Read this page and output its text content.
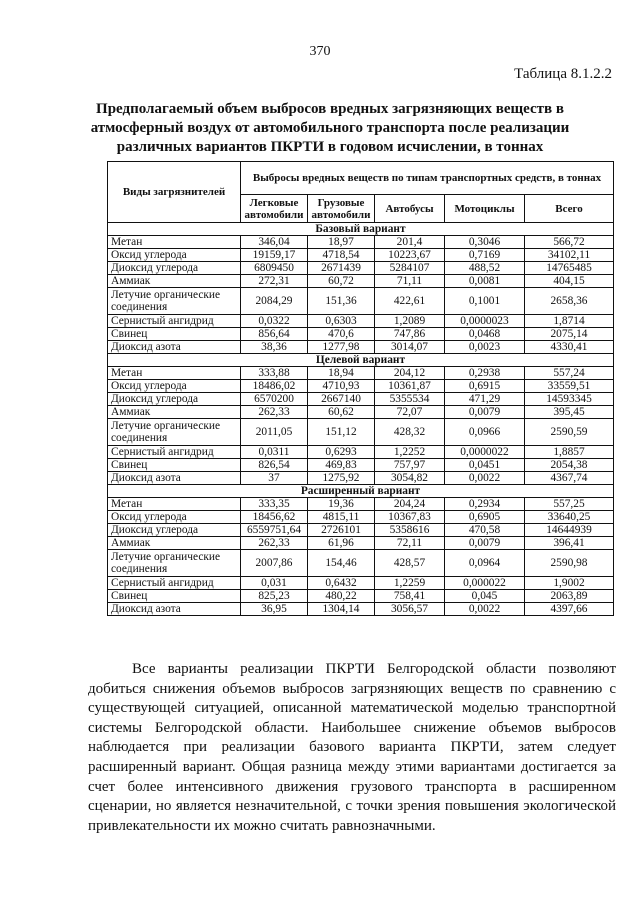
370
Таблица 8.1.2.2
Предполагаемый объем выбросов вредных загрязняющих веществ в атмосферный воздух от автомобильного транспорта после реализации различных вариантов ПКРТИ в годовом исчислении, в тоннах
Виды загрязнителей	Выбросы вредных веществ по типам транспортных средств, в тоннах				
	Легковые автомобили	Грузовые автомобили	Автобусы	Мотоциклы	Всего
Базовый вариант					
Метан	346,04	18,97	201,4	0,3046	566,72
Оксид углерода	19159,17	4718,54	10223,67	0,7169	34102,11
Диоксид углерода	6809450	2671439	5284107	488,52	14765485
Аммиак	272,31	60,72	71,11	0,0081	404,15
Летучие органические соединения	2084,29	151,36	422,61	0,1001	2658,36
Сернистый ангидрид	0,0322	0,6303	1,2089	0,0000023	1,8714
Свинец	856,64	470,6	747,86	0,0468	2075,14
Диоксид азота	38,36	1277,98	3014,07	0,0023	4330,41
Целевой вариант					
Метан	333,88	18,94	204,12	0,2938	557,24
Оксид углерода	18486,02	4710,93	10361,87	0,6915	33559,51
Диоксид углерода	6570200	2667140	5355534	471,29	14593345
Аммиак	262,33	60,62	72,07	0,0079	395,45
Летучие органические соединения	2011,05	151,12	428,32	0,0966	2590,59
Сернистый ангидрид	0,0311	0,6293	1,2252	0,0000022	1,8857
Свинец	826,54	469,83	757,97	0,0451	2054,38
Диоксид азота	37	1275,92	3054,82	0,0022	4367,74
Расширенный вариант					
Метан	333,35	19,36	204,24	0,2934	557,25
Оксид углерода	18456,62	4815,11	10367,83	0,6905	33640,25
Диоксид углерода	6559751,64	2726101	5358616	470,58	14644939
Аммиак	262,33	61,96	72,11	0,0079	396,41
Летучие органические соединения	2007,86	154,46	428,57	0,0964	2590,98
Сернистый ангидрид	0,031	0,6432	1,2259	0,000022	1,9002
Свинец	825,23	480,22	758,41	0,045	2063,89
Диоксид азота	36,95	1304,14	3056,57	0,0022	4397,66

Все варианты реализации ПКРТИ Белгородской области позволяют добиться снижения объемов выбросов загрязняющих веществ по сравнению с существующей ситуацией, описанной математической моделью транспортной системы Белгородской области. Наибольшее снижение объемов выбросов наблюдается при реализации базового варианта ПКРТИ, затем следует расширенный вариант. Общая разница между этими вариантами достигается за счет более интенсивного движения грузового транспорта в расширенном сценарии, но является незначительной, с точки зрения повышения экологической привлекательности их можно считать равнозначными.
